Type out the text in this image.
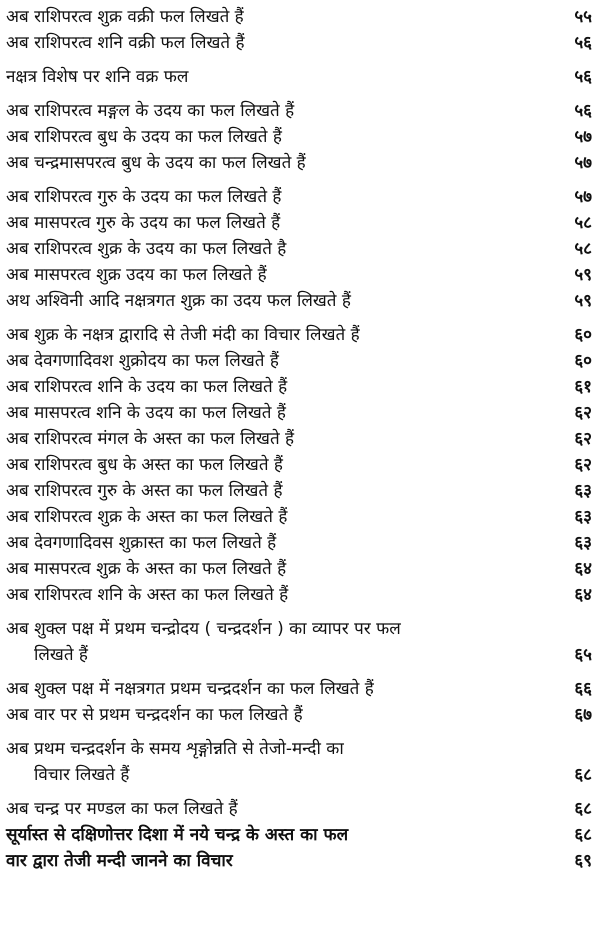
अब राशिपरत्व शुक्र वक्री फल लिखते हैं	५५
अब राशिपरत्व शनि वक्री फल लिखते हैं	५६
नक्षत्र विशेष पर शनि वक्र फल	५६
अब राशिपरत्व मङ्गल के उदय का फल लिखते हैं	५६
अब राशिपरत्व बुध के उदय का फल लिखते हैं	५७
अब चन्द्रमासपरत्व बुध के उदय का फल लिखते हैं	५७
अब राशिपरत्व गुरु के उदय का फल लिखते हैं	५७
अब मासपरत्व गुरु के उदय का फल लिखते हैं	५८
अब राशिपरत्व शुक्र के उदय का फल लिखते है	५८
अब मासपरत्व शुक्र उदय का फल लिखते हैं	५९
अथ अश्विनी आदि नक्षत्रगत शुक्र का उदय फल लिखते हैं	५९
अब शुक्र के नक्षत्र द्वारादि से तेजी मंदी का विचार लिखते हैं	६०
अब देवगणादिवश शुक्रोदय का फल लिखते हैं	६०
अब राशिपरत्व शनि के उदय का फल लिखते हैं	६१
अब मासपरत्व शनि के उदय का फल लिखते हैं	६२
अब राशिपरत्व मंगल के अस्त का फल लिखते हैं	६२
अब राशिपरत्व बुध के अस्त का फल लिखते हैं	६२
अब राशिपरत्व गुरु के अस्त का फल लिखते हैं	६३
अब राशिपरत्व शुक्र के अस्त का फल लिखते हैं	६३
अब देवगणादिवस शुक्रास्त का फल लिखते हैं	६३
अब मासपरत्व शुक्र के अस्त का फल लिखते हैं	६४
अब राशिपरत्व शनि के अस्त का फल लिखते हैं	६४
अब शुक्ल पक्ष में प्रथम चन्द्रोदय ( चन्द्रदर्शन ) का व्यापर पर फल
लिखते हैं	६५
अब शुक्ल पक्ष में नक्षत्रगत प्रथम चन्द्रदर्शन का फल लिखते हैं	६६
अब वार पर से प्रथम चन्द्रदर्शन का फल लिखते हैं	६७
अब प्रथम चन्द्रदर्शन के समय शृङ्गोन्नति से तेजो-मन्दी का
विचार लिखते हैं	६८
अब चन्द्र पर मण्डल का फल लिखते हैं	६८
सूर्यास्त से दक्षिणोत्तर दिशा में नये चन्द्र के अस्त का फल	६८
वार द्वारा तेजी मन्दी जानने का विचार	६९
